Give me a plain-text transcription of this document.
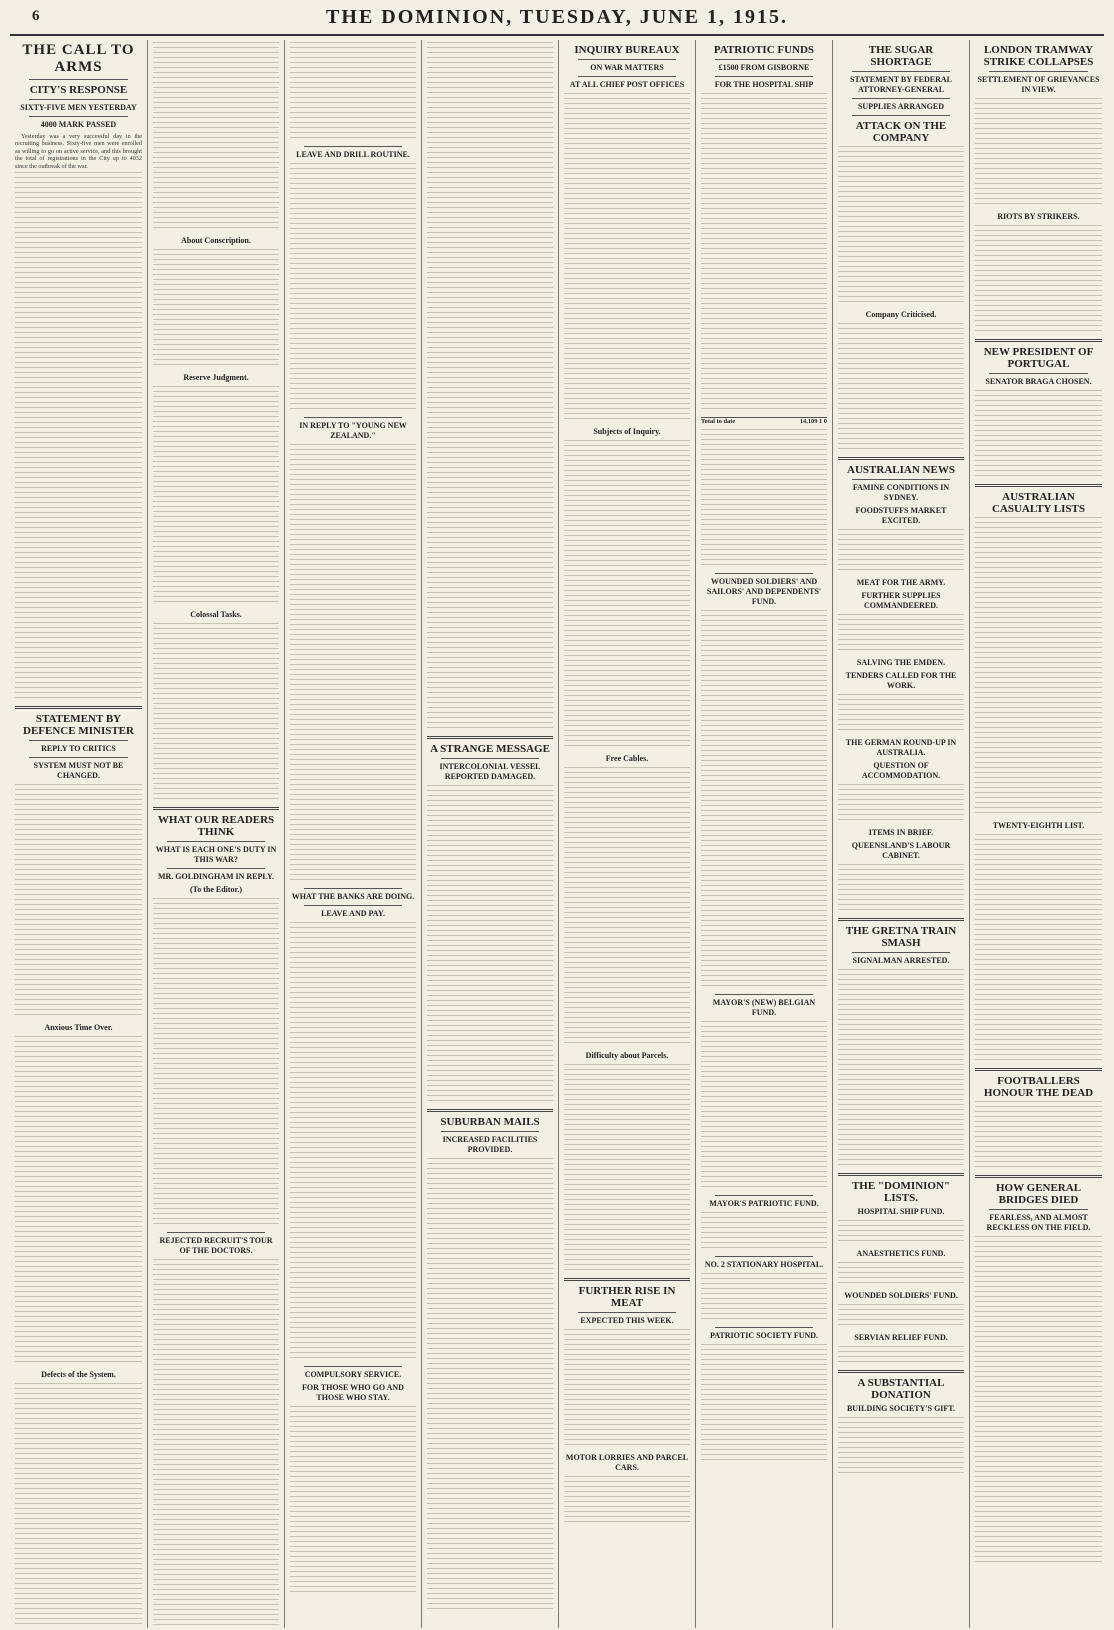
6	THE DOMINION, TUESDAY, JUNE 1, 1915.
THE CALL TO ARMS
CITY'S RESPONSE
SIXTY-FIVE MEN YESTERDAY
4000 MARK PASSED

Yesterday was a very successful day in the recruiting business. Sixty-five men were enrolled as willing to go on active service, and this brought the total of registrations in the City up to 4032 since the outbreak of the war.

STATEMENT BY DEFENCE MINISTER
REPLY TO CRITICS
SYSTEM MUST NOT BE CHANGED.
Anxious Time Over.
Defects of the System.
About Conscription.
Reserve Judgment.
Colossal Tasks.
WHAT OUR READERS THINK
WHAT IS EACH ONE'S DUTY IN THIS WAR?
MR. GOLDINGHAM IN REPLY.
(To the Editor.)
REJECTED RECRUIT'S TOUR OF THE DOCTORS.
LEAVE AND DRILL ROUTINE.
IN REPLY TO "YOUNG NEW ZEALAND."
WHAT THE BANKS ARE DOING.
LEAVE AND PAY.
COMPULSORY SERVICE.
FOR THOSE WHO GO AND THOSE WHO STAY.
A STRANGE MESSAGE
INTERCOLONIAL VESSEL REPORTED DAMAGED.
SUBURBAN MAILS
INCREASED FACILITIES PROVIDED.
INQUIRY BUREAUX
ON WAR MATTERS
AT ALL CHIEF POST OFFICES
Subjects of Inquiry.
Free Cables.
Difficulty about Parcels.
FURTHER RISE IN MEAT
EXPECTED THIS WEEK.
MOTOR LORRIES AND PARCEL CARS.
PATRIOTIC FUNDS
£1500 FROM GISBORNE
FOR THE HOSPITAL SHIP
Total to date	14,109 1 0
WOUNDED SOLDIERS' AND SAILORS' AND DEPENDENTS' FUND.
MAYOR'S (NEW) BELGIAN FUND.
MAYOR'S PATRIOTIC FUND.
NO. 2 STATIONARY HOSPITAL.
PATRIOTIC SOCIETY FUND.
THE SUGAR SHORTAGE
STATEMENT BY FEDERAL ATTORNEY-GENERAL
SUPPLIES ARRANGED
ATTACK ON THE COMPANY
Company Criticised.
AUSTRALIAN NEWS
FAMINE CONDITIONS IN SYDNEY.
FOODSTUFFS MARKET EXCITED.
MEAT FOR THE ARMY.
FURTHER SUPPLIES COMMANDEERED.
SALVING THE EMDEN.
TENDERS CALLED FOR THE WORK.
THE GERMAN ROUND-UP IN AUSTRALIA.
QUESTION OF ACCOMMODATION.
ITEMS IN BRIEF.
QUEENSLAND'S LABOUR CABINET.
THE GRETNA TRAIN SMASH
SIGNALMAN ARRESTED.
THE "DOMINION" LISTS.
HOSPITAL SHIP FUND.
ANAESTHETICS FUND.
WOUNDED SOLDIERS' FUND.
SERVIAN RELIEF FUND.
A SUBSTANTIAL DONATION
BUILDING SOCIETY'S GIFT.
LONDON TRAMWAY STRIKE COLLAPSES
SETTLEMENT OF GRIEVANCES IN VIEW.
RIOTS BY STRIKERS.
NEW PRESIDENT OF PORTUGAL
SENATOR BRAGA CHOSEN.
AUSTRALIAN CASUALTY LISTS
TWENTY-EIGHTH LIST.
FOOTBALLERS HONOUR THE DEAD
HOW GENERAL BRIDGES DIED
FEARLESS, AND ALMOST RECKLESS ON THE FIELD.
